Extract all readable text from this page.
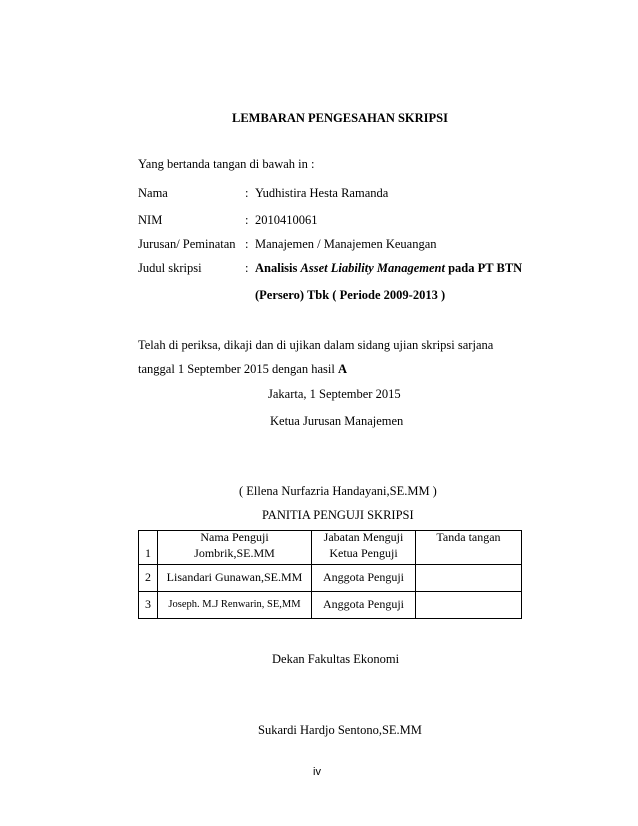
LEMBARAN PENGESAHAN SKRIPSI
Yang bertanda tangan di bawah in :
Nama	: Yudhistira Hesta Ramanda
NIM	: 2010410061
Jurusan/ Peminatan : Manajemen / Manajemen Keuangan
Judul skripsi	: Analisis Asset Liability Management pada PT BTN
(Persero) Tbk ( Periode 2009-2013 )
Telah di periksa, dikaji dan di ujikan dalam sidang ujian skripsi sarjana
tanggal 1 September 2015 dengan hasil A
Jakarta, 1 September 2015
Ketua Jurusan Manajemen
( Ellena Nurfazria Handayani,SE.MM )
PANITIA PENGUJI SKRIPSI
	Nama Penguji	Jabatan Menguji	Tanda tangan
1	Jombrik,SE.MM	Ketua Penguji	
2	Lisandari Gunawan,SE.MM	Anggota Penguji	
3	Joseph. M.J Renwarin, SE,MM	Anggota Penguji	
Dekan Fakultas Ekonomi
Sukardi Hardjo Sentono,SE.MM
iv
